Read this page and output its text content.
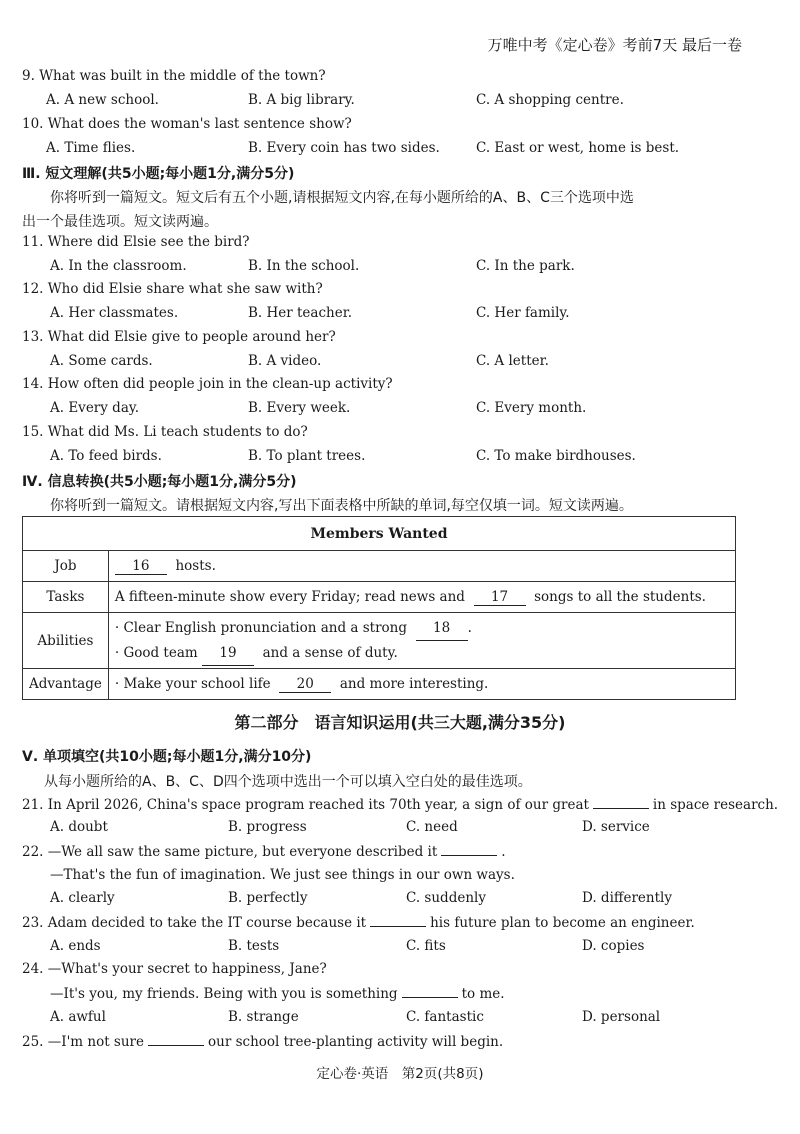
万唯中考《定心卷》考前7天 最后一卷
9. What was built in the middle of the town?
A. A new school.	B. A big library.	C. A shopping centre.
10. What does the woman's last sentence show?
A. Time flies.	B. Every coin has two sides.	C. East or west, home is best.
Ⅲ. 短文理解(共5小题;每小题1分,满分5分)
你将听到一篇短文。短文后有五个小题,请根据短文内容,在每小题所给的A、B、C三个选项中选
出一个最佳选项。短文读两遍。
11. Where did Elsie see the bird?
A. In the classroom.	B. In the school.	C. In the park.
12. Who did Elsie share what she saw with?
A. Her classmates.	B. Her teacher.	C. Her family.
13. What did Elsie give to people around her?
A. Some cards.	B. A video.	C. A letter.
14. How often did people join in the clean-up activity?
A. Every day.	B. Every week.	C. Every month.
15. What did Ms. Li teach students to do?
A. To feed birds.	B. To plant trees.	C. To make birdhouses.
Ⅳ. 信息转换(共5小题;每小题1分,满分5分)
你将听到一篇短文。请根据短文内容,写出下面表格中所缺的单词,每空仅填一词。短文读两遍。
Members Wanted	
Job	16 hosts.
Tasks	A fifteen-minute show every Friday; read news and 17 songs to all the students.
Abilities	· Clear English pronunciation and a strong 18 .
· Good team 19 and a sense of duty.

Advantage	· Make your school life 20 and more interesting.
第二部分　语言知识运用(共三大题,满分35分)
Ⅴ. 单项填空(共10小题;每小题1分,满分10分)
从每小题所给的A、B、C、D四个选项中选出一个可以填入空白处的最佳选项。
21. In April 2026, China's space program reached its 70th year, a sign of our great	in space research.
A. doubt	B. progress	C. need	D. service
22. —We all saw the same picture, but everyone described it	.
—That's the fun of imagination. We just see things in our own ways.
A. clearly	B. perfectly	C. suddenly	D. differently
23. Adam decided to take the IT course because it	his future plan to become an engineer.
A. ends	B. tests	C. fits	D. copies
24. —What's your secret to happiness, Jane?
—It's you, my friends. Being with you is something	to me.
A. awful	B. strange	C. fantastic	D. personal
25. —I'm not sure	our school tree-planting activity will begin.
定心卷·英语　第2页(共8页)
